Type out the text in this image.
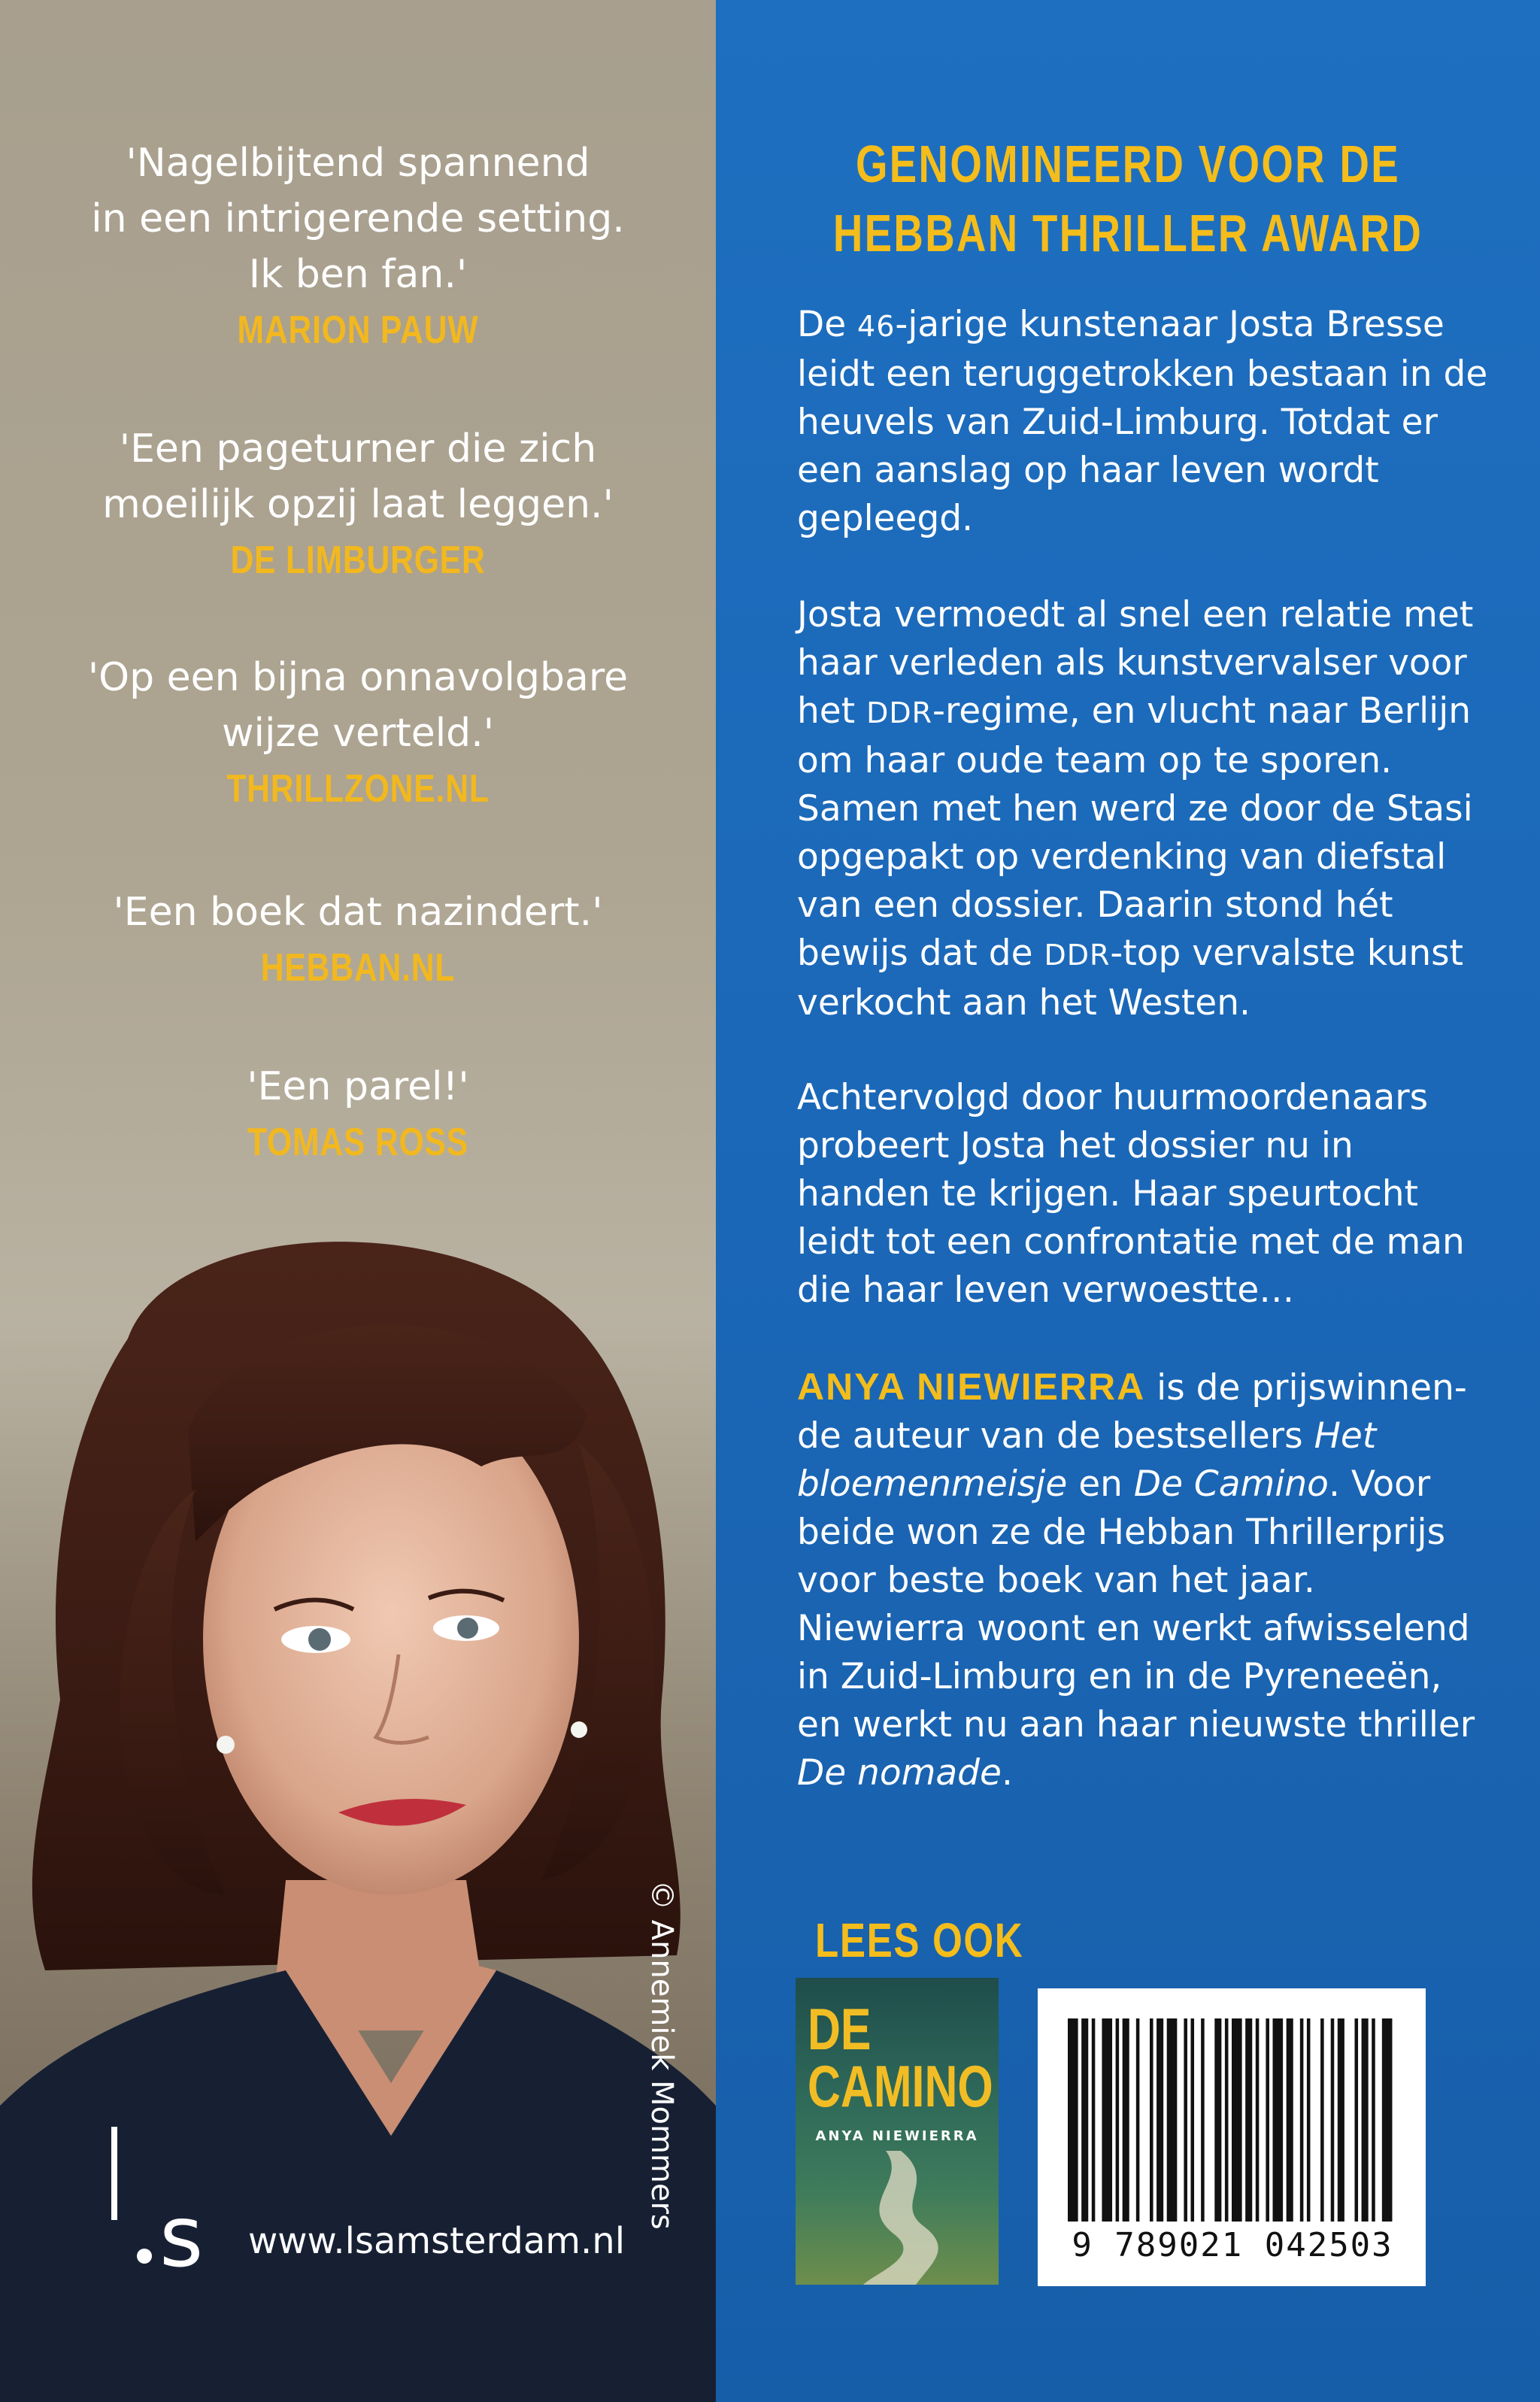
'Nagelbijtend spannend
in een intrigerende setting.
Ik ben fan.'
MARION PAUW
'Een pageturner die zich
moeilijk opzij laat leggen.'
DE LIMBURGER
'Op een bijna onnavolgbare
wijze verteld.'
THRILLZONE.NL
'Een boek dat nazindert.'
HEBBAN.NL
'Een parel!'
TOMAS ROSS
© Annemiek Mommers
s www.lsamsterdam.nl
GENOMINEERD VOOR DE
HEBBAN THRILLER AWARD
De 46-jarige kunstenaar Josta Bresse leidt een teruggetrokken bestaan in de heuvels van Zuid-Limburg. Totdat er een aanslag op haar leven wordt gepleegd.
Josta vermoedt al snel een relatie met haar verleden als kunstvervalser voor het DDR-regime, en vlucht naar Berlijn om haar oude team op te sporen. Samen met hen werd ze door de Stasi opgepakt op verdenking van diefstal van een dossier. Daarin stond hét bewijs dat de DDR-top vervalste kunst verkocht aan het Westen.
Achtervolgd door huurmoordenaars probeert Josta het dossier nu in handen te krijgen. Haar speurtocht leidt tot een confrontatie met de man die haar leven verwoestte…
ANYA NIEWIERRA is de prijswinnen-de auteur van de bestsellers Het bloemenmeisje en De Camino. Voor beide won ze de Hebban Thrillerprijs voor beste boek van het jaar. Niewierra woont en werkt afwisselend in Zuid-Limburg en in de Pyreneeën, en werkt nu aan haar nieuwste thriller De nomade.
LEES OOK
DE
CAMINO
ANYA NIEWIERRA
9 789021 042503
